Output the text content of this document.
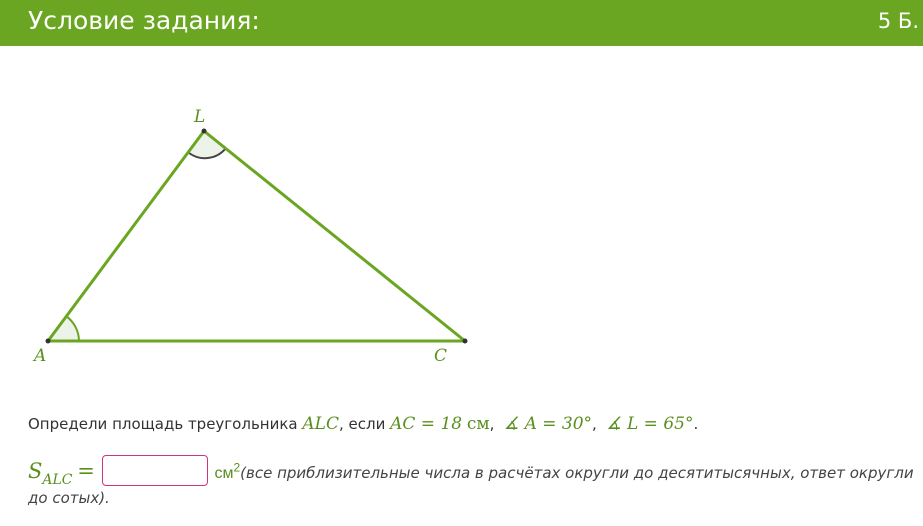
Условие задания:	5 Б.
L
A	C
Определи площадь треугольника ALC, если AC = 18 см,  ∡ A = 30°,  ∡ L = 65°.
$S_{ALC}$ =	$см^2(все$ приблизительные числа в расчётах округли до десятитысячных, ответ округли до сотых).
